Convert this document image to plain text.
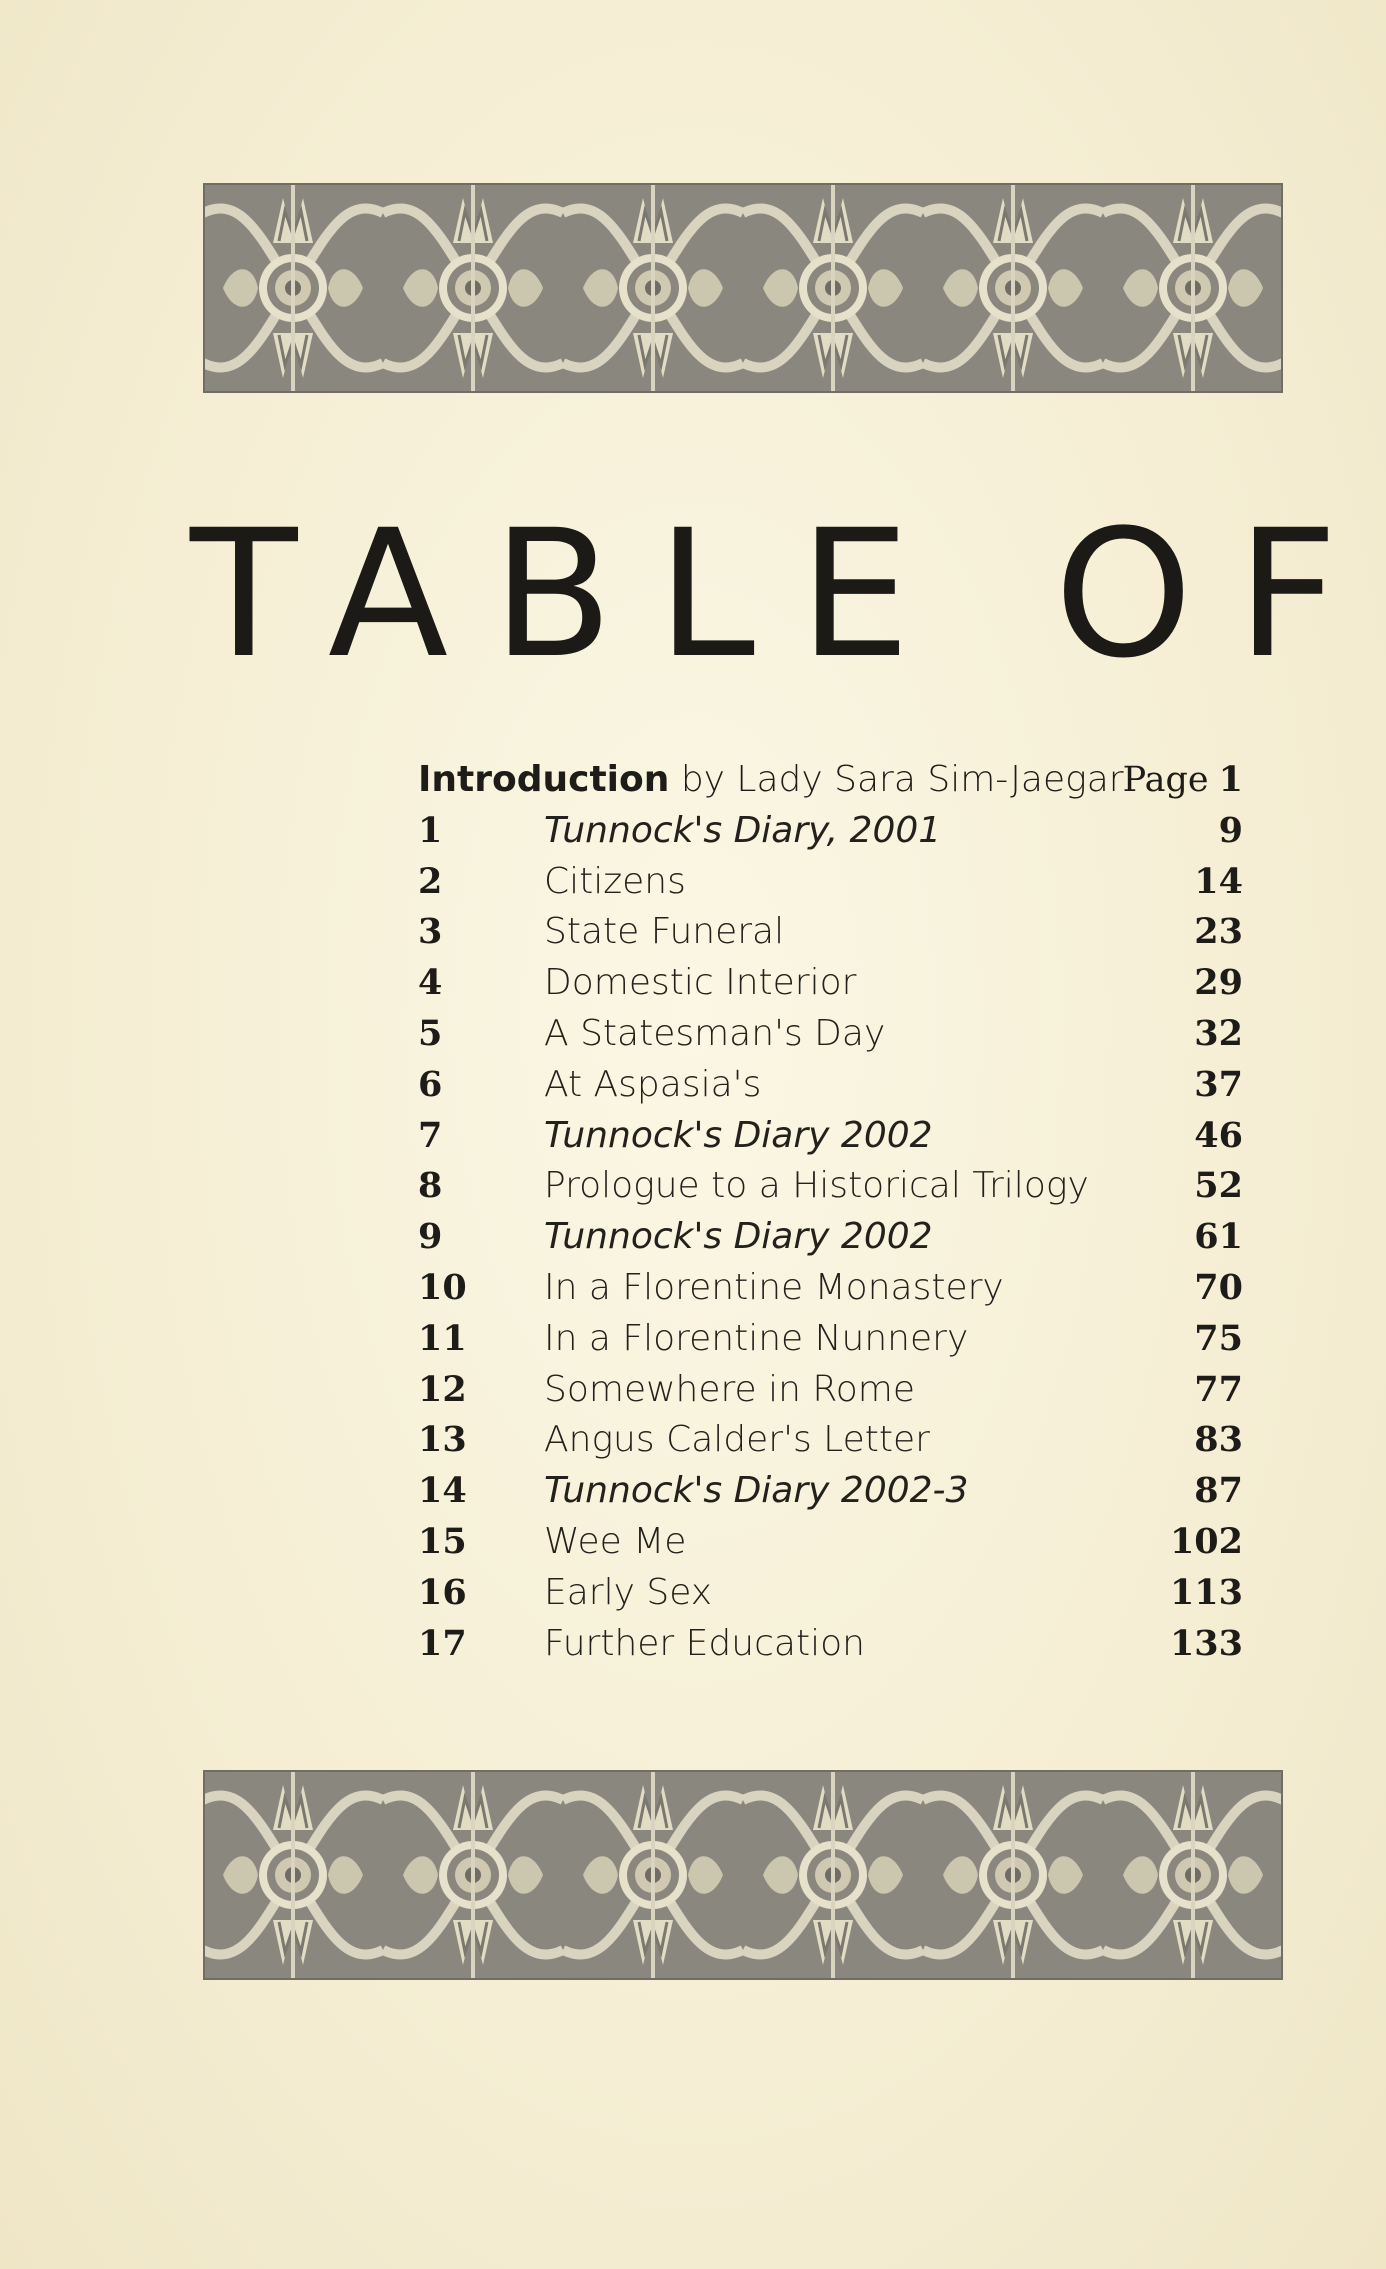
TABLE OF
Introduction by Lady Sara Sim-Jaegar Page 1
1	Tunnock's Diary, 2001	9
2	Citizens	14
3	State Funeral	23
4	Domestic Interior	29
5	A Statesman's Day	32
6	At Aspasia's	37
7	Tunnock's Diary 2002	46
8	Prologue to a Historical Trilogy	52
9	Tunnock's Diary 2002	61
10	In a Florentine Monastery	70
11	In a Florentine Nunnery	75
12	Somewhere in Rome	77
13	Angus Calder's Letter	83
14	Tunnock's Diary 2002-3	87
15	Wee Me	102
16	Early Sex	113
17	Further Education	133
